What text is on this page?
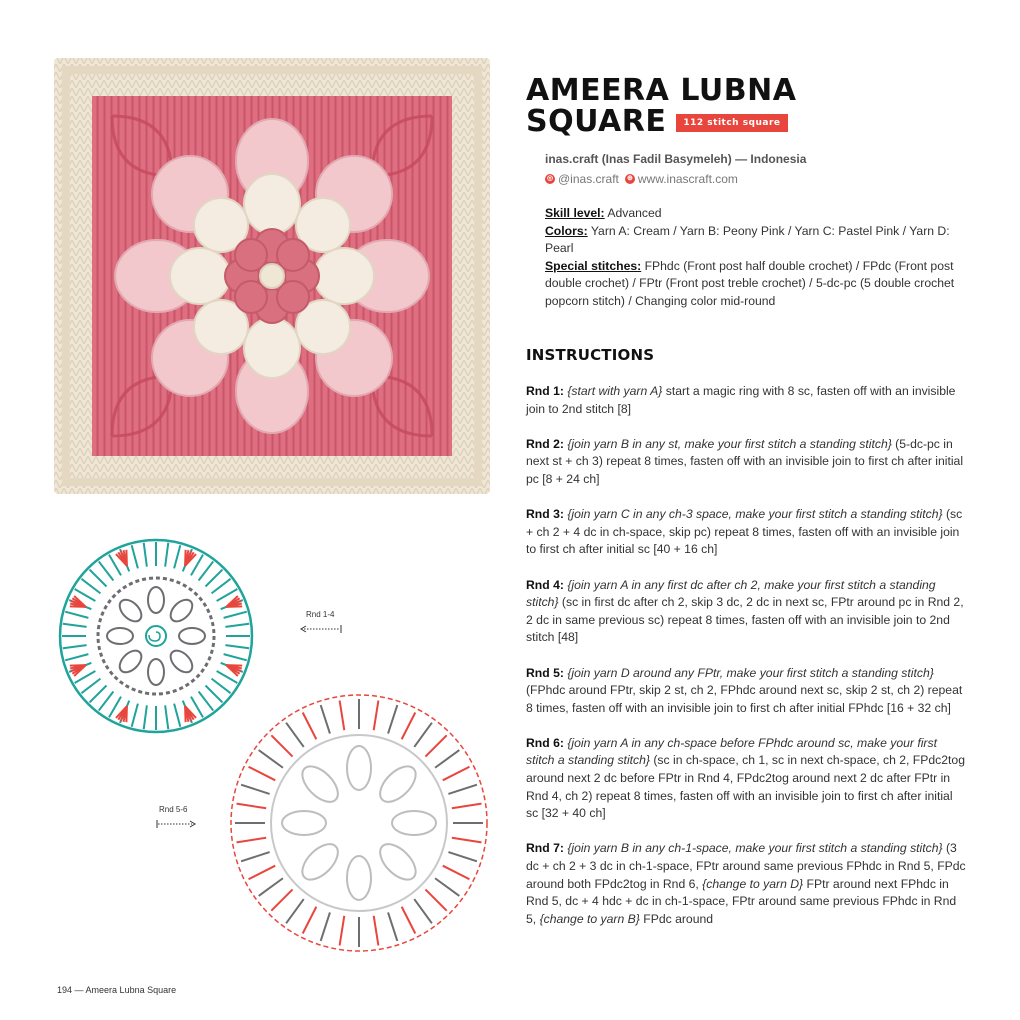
AMEERA LUBNA
SQUARE	112 stitch square
inas.craft (Inas Fadil Basymeleh) — Indonesia
◎ @inas.craft ⊕ www.inascraft.com
Skill level: Advanced
Colors: Yarn A: Cream / Yarn B: Peony Pink / Yarn C: Pastel Pink / Yarn D: Pearl
Special stitches: FPhdc (Front post half double crochet) / FPdc (Front post double crochet) / FPtr (Front post treble crochet) / 5-dc-pc (5 double crochet popcorn stitch) / Changing color mid-round
INSTRUCTIONS
Rnd 1: {start with yarn A} start a magic ring with 8 sc, fasten off with an invisible join to 2nd stitch [8]
Rnd 2: {join yarn B in any st, make your first stitch a standing stitch} (5-dc-pc in next st + ch 3) repeat 8 times, fasten off with an invisible join to first ch after initial pc [8 + 24 ch]
Rnd 3: {join yarn C in any ch-3 space, make your first stitch a standing stitch} (sc + ch 2 + 4 dc in ch-space, skip pc) repeat 8 times, fasten off with an invisible join to first ch after initial sc [40 + 16 ch]
Rnd 4: {join yarn A in any first dc after ch 2, make your first stitch a standing stitch} (sc in first dc after ch 2, skip 3 dc, 2 dc in next sc, FPtr around pc in Rnd 2, 2 dc in same previous sc) repeat 8 times, fasten off with an invisible join to 2nd stitch [48]
Rnd 5: {join yarn D around any FPtr, make your first stitch a standing stitch} (FPhdc around FPtr, skip 2 st, ch 2, FPhdc around next sc, skip 2 st, ch 2) repeat 8 times, fasten off with an invisible join to first ch after initial FPhdc [16 + 32 ch]
Rnd 6: {join yarn A in any ch-space before FPhdc around sc, make your first stitch a standing stitch} (sc in ch-space, ch 1, sc in next ch-space, ch 2, FPdc2tog around next 2 dc before FPtr in Rnd 4, FPdc2tog around next 2 dc after FPtr in Rnd 4, ch 2) repeat 8 times, fasten off with an invisible join to first ch after initial sc [32 + 40 ch]
Rnd 7: {join yarn B in any ch-1-space, make your first stitch a standing stitch} (3 dc + ch 2 + 3 dc in ch-1-space, FPtr around same previous FPhdc in Rnd 5, FPdc around both FPdc2tog in Rnd 6, {change to yarn D} FPtr around next FPhdc in Rnd 5, dc + 4 hdc + dc in ch-1-space, FPtr around same previous FPhdc in Rnd 5, {change to yarn B} FPdc around
Rnd 1-4
Rnd 5-6
194 — Ameera Lubna Square
